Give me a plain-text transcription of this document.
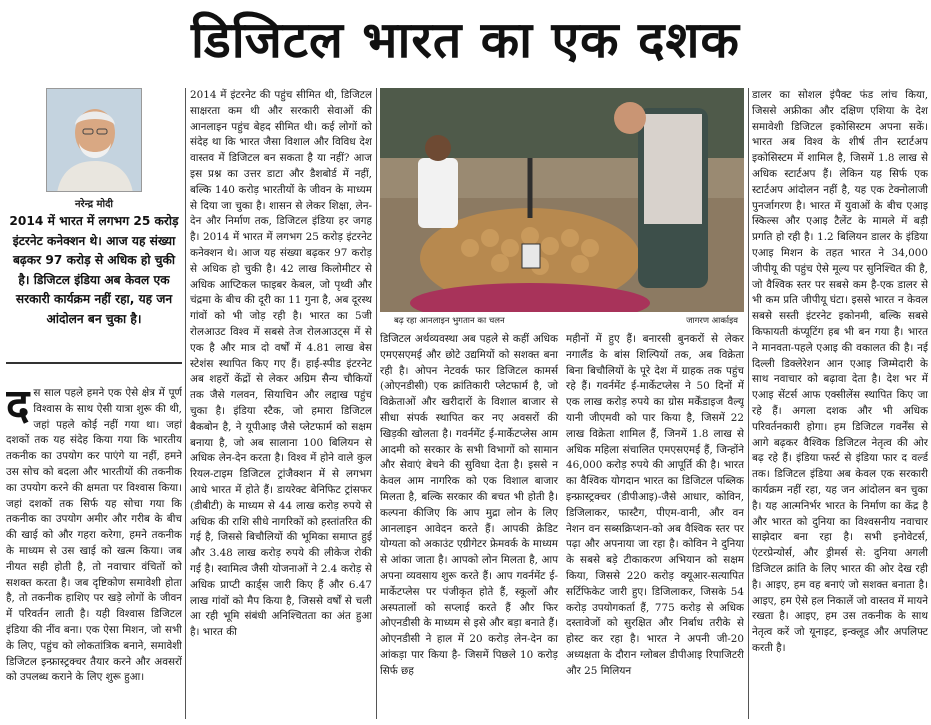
डिजिटल भारत का एक दशक
नरेन्द्र मोदी
2014 में भारत में लगभग 25 करोड़ इंटरनेट कनेक्शन थे। आज यह संख्या बढ़कर 97 करोड़ से अधिक हो चुकी है। डिजिटल इंडिया अब केवल एक सरकारी कार्यक्रम नहीं रहा, यह जन आंदोलन बन चुका है।
दस साल पहले हमने एक ऐसे क्षेत्र में पूर्ण विश्वास के साथ ऐसी यात्रा शुरू की थी, जहां पहले कोई नहीं गया था। जहां दशकों तक यह संदेह किया गया कि भारतीय तकनीक का उपयोग कर पाएंगे या नहीं, हमने उस सोच को बदला और भारतीयों की तकनीक का उपयोग करने की क्षमता पर विश्वास किया। जहां दशकों तक सिर्फ यह सोचा गया कि तकनीक का उपयोग अमीर और गरीब के बीच की खाई को और गहरा करेगा, हमने तकनीक के माध्यम से उस खाई को खत्म किया। जब नीयत सही होती है, तो नवाचार वंचितों को सशक्त करता है। जब दृष्टिकोण समावेशी होता है, तो तकनीक हाशिए पर खड़े लोगों के जीवन में परिवर्तन लाती है। यही विश्वास डिजिटल इंडिया की नींव बना। एक ऐसा मिशन, जो सभी के लिए, पहुंच को लोकतांत्रिक बनाने, समावेशी डिजिटल इन्फ्रास्ट्रक्चर तैयार करने और अवसरों को उपलब्ध कराने के लिए शुरू हुआ।

2014 में इंटरनेट की पहुंच सीमित थी, डिजिटल साक्षरता कम थी और सरकारी सेवाओं की आनलाइन पहुंच बेहद सीमित थी। कई लोगों को संदेह था कि भारत जैसा विशाल और विविध देश वास्तव में डिजिटल बन सकता है या नहीं? आज इस प्रश्न का उत्तर डाटा और डैशबोर्ड में नहीं, बल्कि 140 करोड़ भारतीयों के जीवन के माध्यम से दिया जा चुका है। शासन से लेकर शिक्षा, लेन-देन और निर्माण तक, डिजिटल इंडिया हर जगह है। 2014 में भारत में लगभग 25 करोड़ इंटरनेट कनेक्शन थे। आज यह संख्या बढ़कर 97 करोड़ से अधिक हो चुकी है। 42 लाख किलोमीटर से अधिक आप्टिकल फाइबर केबल, जो पृथ्वी और चंद्रमा के बीच की दूरी का 11 गुना है, अब दूरस्थ गांवों को भी जोड़ रही है। भारत का 5जी रोलआउट विश्व में सबसे तेज रोलआउट्स में से एक है और मात्र दो वर्षों में 4.81 लाख बेस स्टेशंस स्थापित किए गए हैं। हाई-स्पीड इंटरनेट अब शहरों केंद्रों से लेकर अग्रिम सैन्य चौकियों तक जैसे गलवन, सियाचिन और लद्दाख पहुंच चुका है। इंडिया स्टैक, जो हमारा डिजिटल बैकबोन है, ने यूपीआइ जैसे प्लेटफार्म को सक्षम बनाया है, जो अब सालाना 100 बिलियन से अधिक लेन-देन करता है। विश्व में होने वाले कुल रियल-टाइम डिजिटल ट्रांजैक्शन में से लगभग आधे भारत में होते हैं। डायरेक्ट बेनिफिट ट्रांसफर (डीबीटी) के माध्यम से 44 लाख करोड़ रुपये से अधिक की राशि सीधे नागरिकों को हस्तांतरित की गई है, जिससे बिचौलियों की भूमिका समाप्त हुई और 3.48 लाख करोड़ रुपये की लीकेज रोकी गई है। स्वामित्व जैसी योजनाओं ने 2.4 करोड़ से अधिक प्राप्टी कार्ड्स जारी किए हैं और 6.47 लाख गांवों को मैप किया है, जिससे वर्षों से चली आ रही भूमि संबंधी अनिश्चितता का अंत हुआ है। भारत की

बढ़ रहा आनलाइन भुगतान का चलन	जागरण आर्काइव

डिजिटल अर्थव्यवस्था अब पहले से कहीं अधिक एमएसएमई और छोटे उद्यमियों को सशक्त बना रही है। ओपन नेटवर्क फार डिजिटल कामर्स (ओएनडीसी) एक क्रांतिकारी प्लेटफार्म है, जो विक्रेताओं और खरीदारों के विशाल बाजार से सीधा संपर्क स्थापित कर नए अवसरों की खिड़की खोलता है। गवर्नमेंट ई-मार्केटप्लेस आम आदमी को सरकार के सभी विभागों को सामान और सेवाएं बेचने की सुविधा देता है। इससे न केवल आम नागरिक को एक विशाल बाजार मिलता है, बल्कि सरकार की बचत भी होती है। कल्पना कीजिए कि आप मुद्रा लोन के लिए आनलाइन आवेदन करते हैं। आपकी क्रेडिट योग्यता को अकाउंट एग्रीगेटर फ्रेमवर्क के माध्यम से आंका जाता है। आपको लोन मिलता है, आप अपना व्यवसाय शुरू करते हैं। आप गवर्नमेंट ई-मार्केटप्लेस पर पंजीकृत होते हैं, स्कूलों और अस्पतालों को सप्लाई करते हैं और फिर ओएनडीसी के माध्यम से इसे और बड़ा बनाते हैं। ओएनडीसी ने हाल में 20 करोड़ लेन-देन का आंकड़ा पार किया है- जिसमें पिछले 10 करोड़ सिर्फ छह

महीनों में हुए हैं। बनारसी बुनकरों से लेकर नगालैंड के बांस शिल्पियों तक, अब विक्रेता बिना बिचौलियों के पूरे देश में ग्राहक तक पहुंच रहे हैं। गवर्नमेंट ई-मार्केटप्लेस ने 50 दिनों में एक लाख करोड़ रुपये का ग्रोस मर्केंडाइज वैल्यू यानी जीएमवी को पार किया है, जिसमें 22 लाख विक्रेता शामिल हैं, जिनमें 1.8 लाख से अधिक महिला संचालित एमएसएमई हैं, जिन्होंने 46,000 करोड़ रुपये की आपूर्ति की है। भारत का वैश्विक योगदान भारत का डिजिटल पब्लिक इन्फ्रास्ट्रक्चर (डीपीआइ)-जैसे आधार, कोविन, डिजिलाकर, फास्टैग, पीएम-वानी, और वन नेशन वन सब्सक्रिप्शन-को अब वैश्विक स्तर पर पढ़ा और अपनाया जा रहा है। कोविन ने दुनिया के सबसे बड़े टीकाकरण अभियान को सक्षम किया, जिससे 220 करोड़ क्यूआर-सत्यापित सर्टिफिकेट जारी हुए। डिजिलाकर, जिसके 54 करोड़ उपयोगकर्ता हैं, 775 करोड़ से अधिक दस्तावेजों को सुरक्षित और निर्बाध तरीके से होस्ट कर रहा है। भारत ने अपनी जी-20 अध्यक्षता के दौरान ग्लोबल डीपीआइ रिपाजिटरी और 25 मिलियन

डालर का सोशल इंपैक्ट फंड लांच किया, जिससे अफ्रीका और दक्षिण एशिया के देश समावेशी डिजिटल इकोसिस्टम अपना सकें। भारत अब विश्व के शीर्ष तीन स्टार्टअप इकोसिस्टम में शामिल है, जिसमें 1.8 लाख से अधिक स्टार्टअप हैं। लेकिन यह सिर्फ एक स्टार्टअप आंदोलन नहीं है, यह एक टेक्नोलाजी पुनर्जागरण है। भारत में युवाओं के बीच एआइ स्किल्स और एआइ टैलेंट के मामले में बड़ी प्रगति हो रही है। 1.2 बिलियन डालर के इंडिया एआइ मिशन के तहत भारत ने 34,000 जीपीयू की पहुंच ऐसे मूल्य पर सुनिश्चित की है, जो वैश्विक स्तर पर सबसे कम है-एक डालर से भी कम प्रति जीपीयू घंटा। इससे भारत न केवल सबसे सस्ती इंटरनेट इकोनमी, बल्कि सबसे किफायती कंप्यूटिंग हब भी बन गया है। भारत ने मानवता-पहले एआइ की वकालत की है। नई दिल्ली डिक्लेरेशन आन एआइ जिम्मेदारी के साथ नवाचार को बढ़ावा देता है। देश भर में एआइ सेंटर्स आफ एक्सीलेंस स्थापित किए जा रहे हैं। अगला दशक और भी अधिक परिवर्तनकारी होगा। हम डिजिटल गवर्नेंस से आगे बढ़कर वैश्विक डिजिटल नेतृत्व की ओर बढ़ रहे हैं। इंडिया फर्स्ट से इंडिया फार द वर्ल्ड तक। डिजिटल इंडिया अब केवल एक सरकारी कार्यक्रम नहीं रहा, यह जन आंदोलन बन चुका है। यह आत्मनिर्भर भारत के निर्माण का केंद्र है और भारत को दुनिया का विश्वसनीय नवाचार साझेदार बना रहा है। सभी इनोवेटर्स, एंटरप्रेन्योर्स, और ड्रीमर्स से: दुनिया अगली डिजिटल क्रांति के लिए भारत की ओर देख रही है। आइए, हम वह बनाएं जो सशक्त बनाता है। आइए, हम ऐसे हल निकालें जो वास्तव में मायने रखता है। आइए, हम उस तकनीक के साथ नेतृत्व करें जो यूनाइट, इन्क्लूड और अपलिफ्ट करती है।
